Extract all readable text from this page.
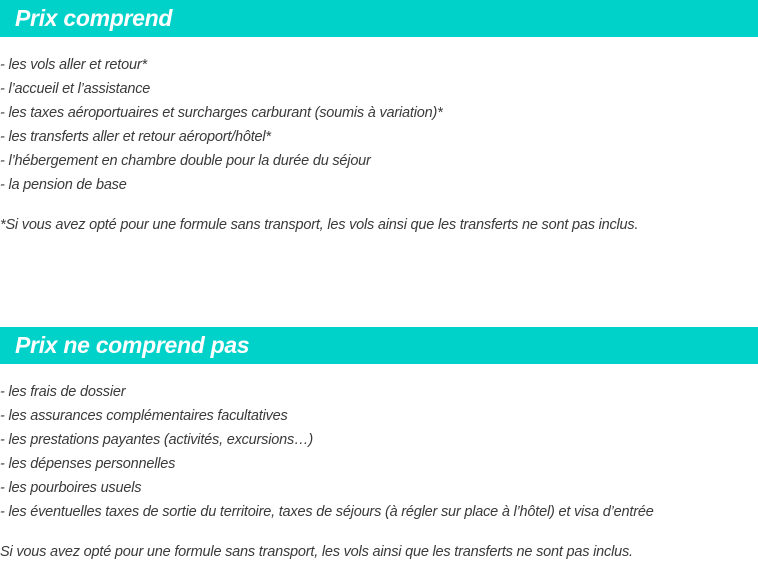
Prix comprend
- les vols aller et retour*
- l’accueil et l’assistance
- les taxes aéroportuaires et surcharges carburant (soumis à variation)*
- les transferts aller et retour aéroport/hôtel*
- l’hébergement en chambre double pour la durée du séjour
- la pension de base
*Si vous avez opté pour une formule sans transport, les vols ainsi que les transferts ne sont pas inclus.
Prix ne comprend pas
- les frais de dossier
- les assurances complémentaires facultatives
- les prestations payantes (activités, excursions…)
- les dépenses personnelles
- les pourboires usuels
- les éventuelles taxes de sortie du territoire, taxes de séjours (à régler sur place à l’hôtel) et visa d’entrée
Si vous avez opté pour une formule sans transport, les vols ainsi que les transferts ne sont pas inclus.
